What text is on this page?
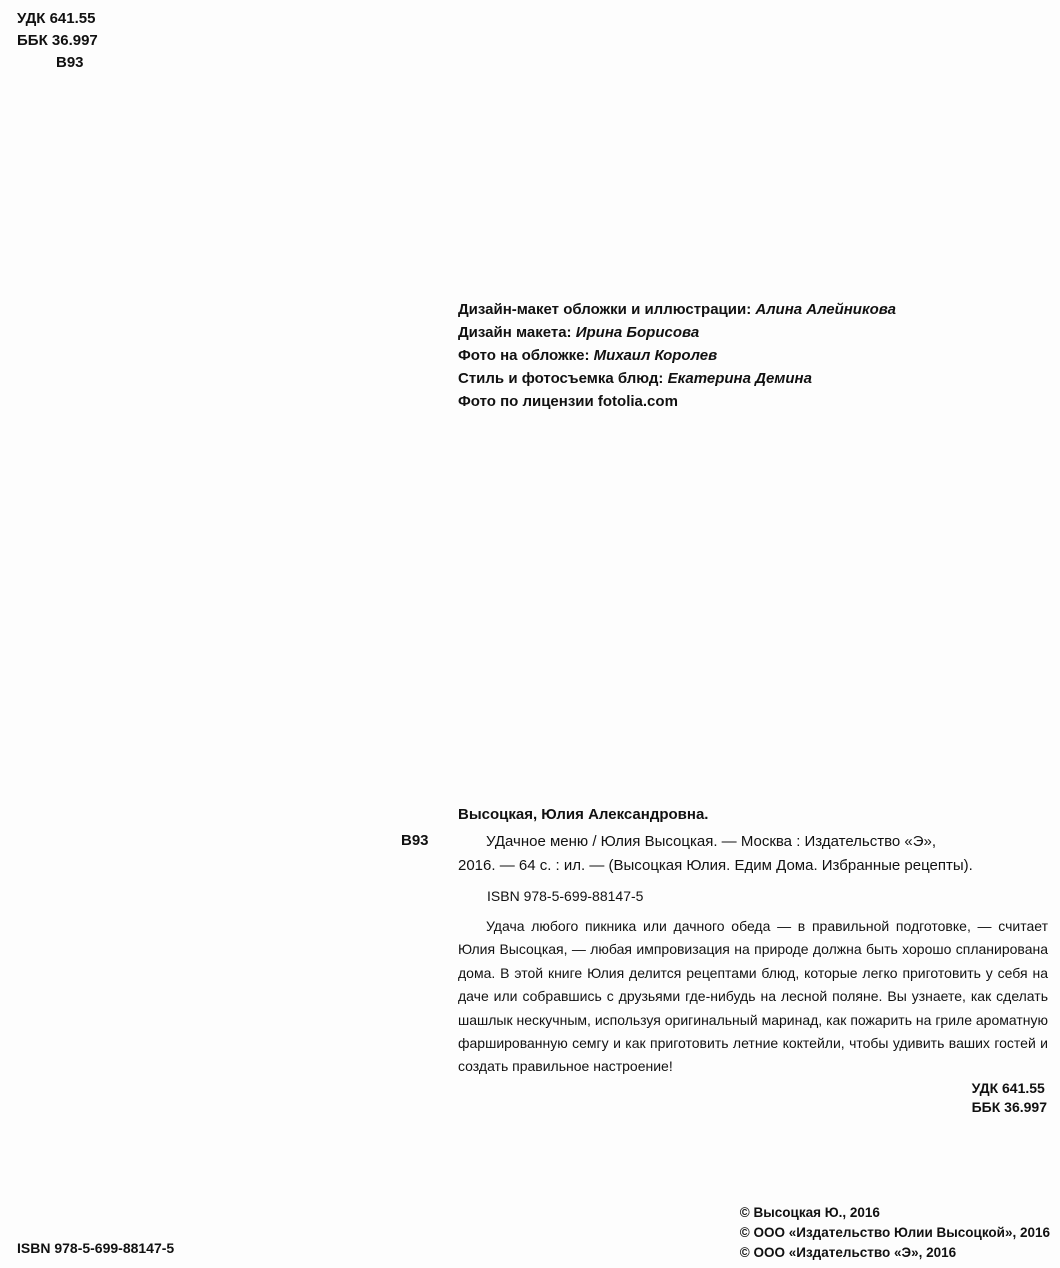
УДК 641.55
ББК 36.997
В93
Дизайн-макет обложки и иллюстрации: Алина Алейникова
Дизайн макета: Ирина Борисова
Фото на обложке: Михаил Королев
Стиль и фотосъемка блюд: Екатерина Демина
Фото по лицензии fotolia.com
Высоцкая, Юлия Александровна.
В93	УДачное меню / Юлия Высоцкая. — Москва : Издательство «Э»,
2016. — 64 с. : ил. — (Высоцкая Юлия. Едим Дома. Избранные рецепты).
ISBN 978-5-699-88147-5

Удача любого пикника или дачного обеда — в правильной подготовке, — считает Юлия Высоцкая, — любая импровизация на природе должна быть хорошо спланирована дома. В этой книге Юлия делится рецептами блюд, которые легко приготовить у себя на даче или собравшись с друзьями где-нибудь на лесной поляне. Вы узнаете, как сделать шашлык нескучным, используя оригинальный маринад, как пожарить на гриле ароматную фаршированную семгу и как приготовить летние коктейли, чтобы удивить ваших гостей и создать правильное настроение!

УДК 641.55
ББК 36.997
© Высоцкая Ю., 2016
© ООО «Издательство Юлии Высоцкой», 2016
© ООО «Издательство «Э», 2016
ISBN 978-5-699-88147-5
